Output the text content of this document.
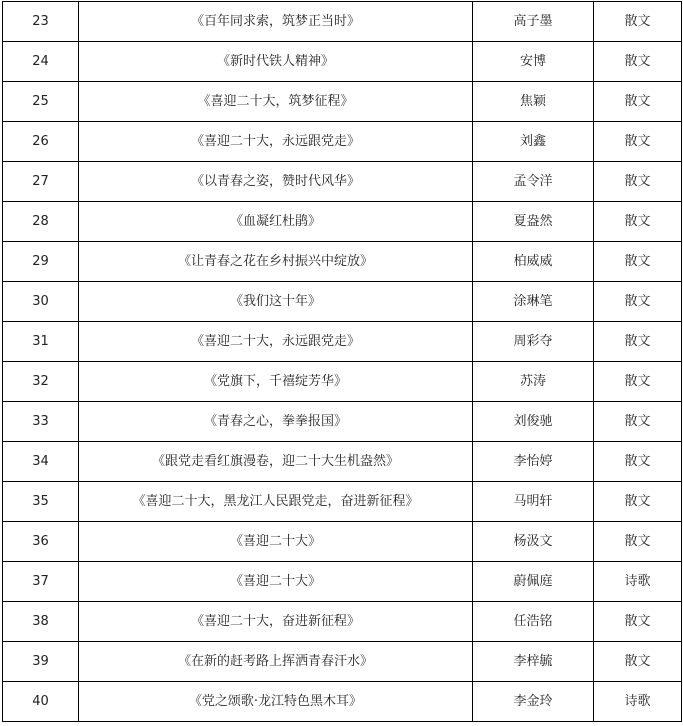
23	《百年同求索，筑梦正当时》	高子墨	散文
24	《新时代铁人精神》	安博	散文
25	《喜迎二十大，筑梦征程》	焦颖	散文
26	《喜迎二十大，永远跟党走》	刘鑫	散文
27	《以青春之姿，赞时代风华》	孟令洋	散文
28	《血凝红杜鹃》	夏盎然	散文
29	《让青春之花在乡村振兴中绽放》	柏威威	散文
30	《我们这十年》	涂琳笔	散文
31	《喜迎二十大，永远跟党走》	周彩夺	散文
32	《党旗下，千禧绽芳华》	苏涛	散文
33	《青春之心，拳拳报国》	刘俊驰	散文
34	《跟党走看红旗漫卷，迎二十大生机盎然》	李怡婷	散文
35	《喜迎二十大，黑龙江人民跟党走，奋进新征程》	马明轩	散文
36	《喜迎二十大》	杨汲文	散文
37	《喜迎二十大》	蔚佩庭	诗歌
38	《喜迎二十大，奋进新征程》	任浩铭	散文
39	《在新的赶考路上挥洒青春汗水》	李梓毓	散文
40	《党之颂歌·龙江特色黑木耳》	李金玲	诗歌
